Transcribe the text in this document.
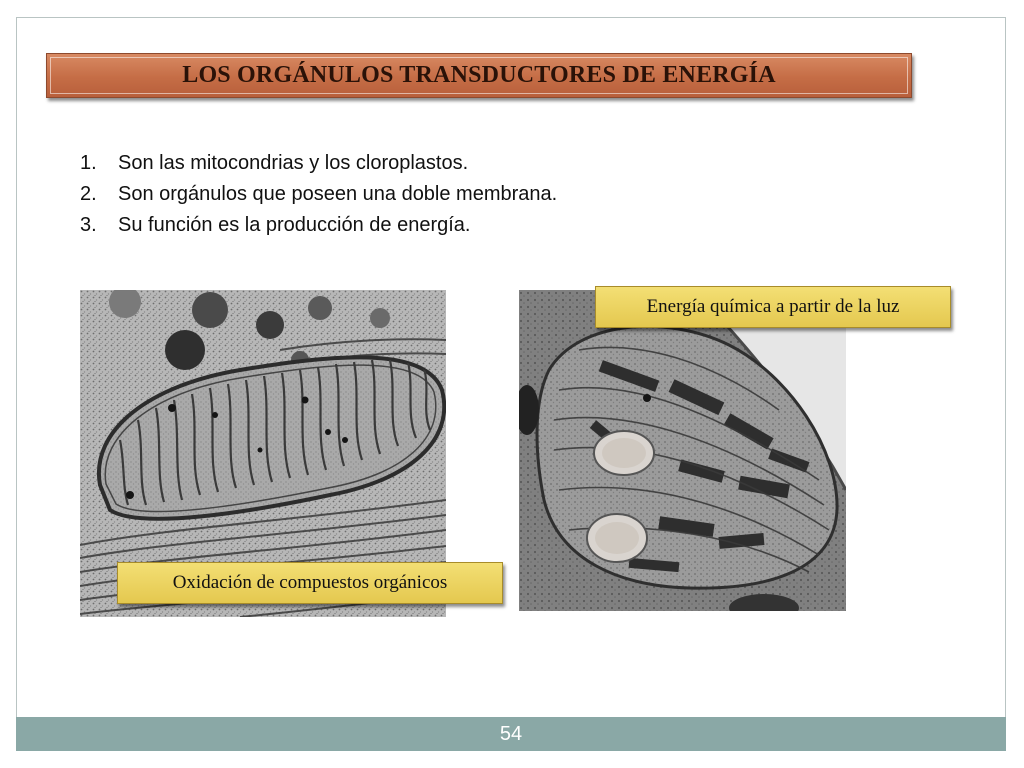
LOS ORGÁNULOS TRANSDUCTORES DE ENERGÍA
1.	Son las mitocondrias y los cloroplastos.
2.	Son orgánulos que poseen una doble membrana.
3.	Su función es la producción de energía.
Energía química a partir de la luz
Oxidación de compuestos orgánicos
54
